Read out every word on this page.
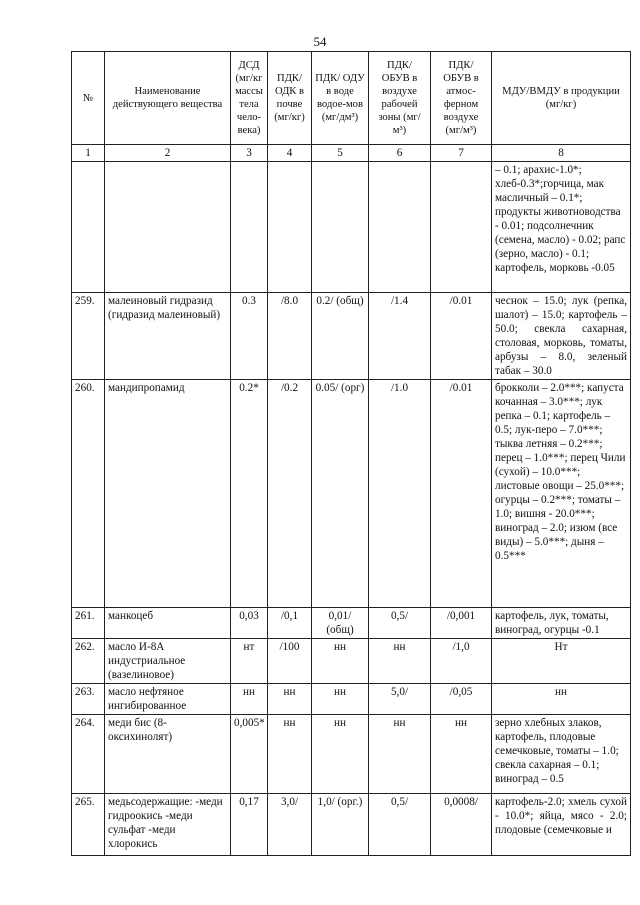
54
№	Наименование действующего вещества	ДСД (мг/кг массы тела чело-века)	ПДК/ ОДК в почве (мг/кг)	ПДК/ ОДУ в воде водое-мов (мг/дм³)	ПДК/ ОБУВ в воздухе рабочей зоны (мг/м³)	ПДК/ ОБУВ в атмос-ферном воздухе (мг/м³)	МДУ/ВМДУ в продукции (мг/кг)
1	2	3	4	5	6	7	8
							– 0.1; арахис-1.0*; хлеб-0.3*;горчица, мак масличный – 0.1*; продукты животноводства - 0.01; подсолнечник (семена, масло) - 0.02; рапс (зерно, масло) - 0.1; картофель, морковь -0.05
259.	малеиновый гидразид (гидразид малеиновый)	0.3	/8.0	0.2/ (общ)	/1.4	/0.01	чеснок – 15.0; лук (репка, шалот) – 15.0; картофель – 50.0; свекла сахарная, столовая, морковь, томаты, арбузы – 8.0, зеленый табак – 30.0
260.	мандипропамид	0.2*	/0.2	0.05/ (орг)	/1.0	/0.01	брокколи – 2.0***; капуста кочанная – 3.0***; лук репка – 0.1; картофель – 0.5; лук-перо – 7.0***; тыква летняя – 0.2***; перец – 1.0***; перец Чили (сухой) – 10.0***; листовые овощи – 25.0***; огурцы – 0.2***; томаты – 1.0; вишня - 20.0***; виноград – 2.0; изюм (все виды) – 5.0***; дыня – 0.5***
261.	манкоцеб	0,03	/0,1	0,01/ (общ)	0,5/	/0,001	картофель, лук, томаты, виноград, огурцы -0.1
262.	масло И-8А индустриальное (вазелиновое)	нт	/100	нн	нн	/1,0	Нт
263.	масло нефтяное ингибированное	нн	нн	нн	5,0/	/0,05	нн
264.	меди бис (8-оксихинолят)	0,005*	нн	нн	нн	нн	зерно хлебных злаков, картофель, плодовые семечковые, томаты – 1.0; свекла сахарная – 0.1; виноград – 0.5
265.	медьсодержащие: -меди гидроокись -меди сульфат -меди хлорокись	0,17	3,0/	1,0/ (орг.)	0,5/	0,0008/	картофель-2.0; хмель сухой - 10.0*; яйца, мясо - 2.0; плодовые (семечковые и
